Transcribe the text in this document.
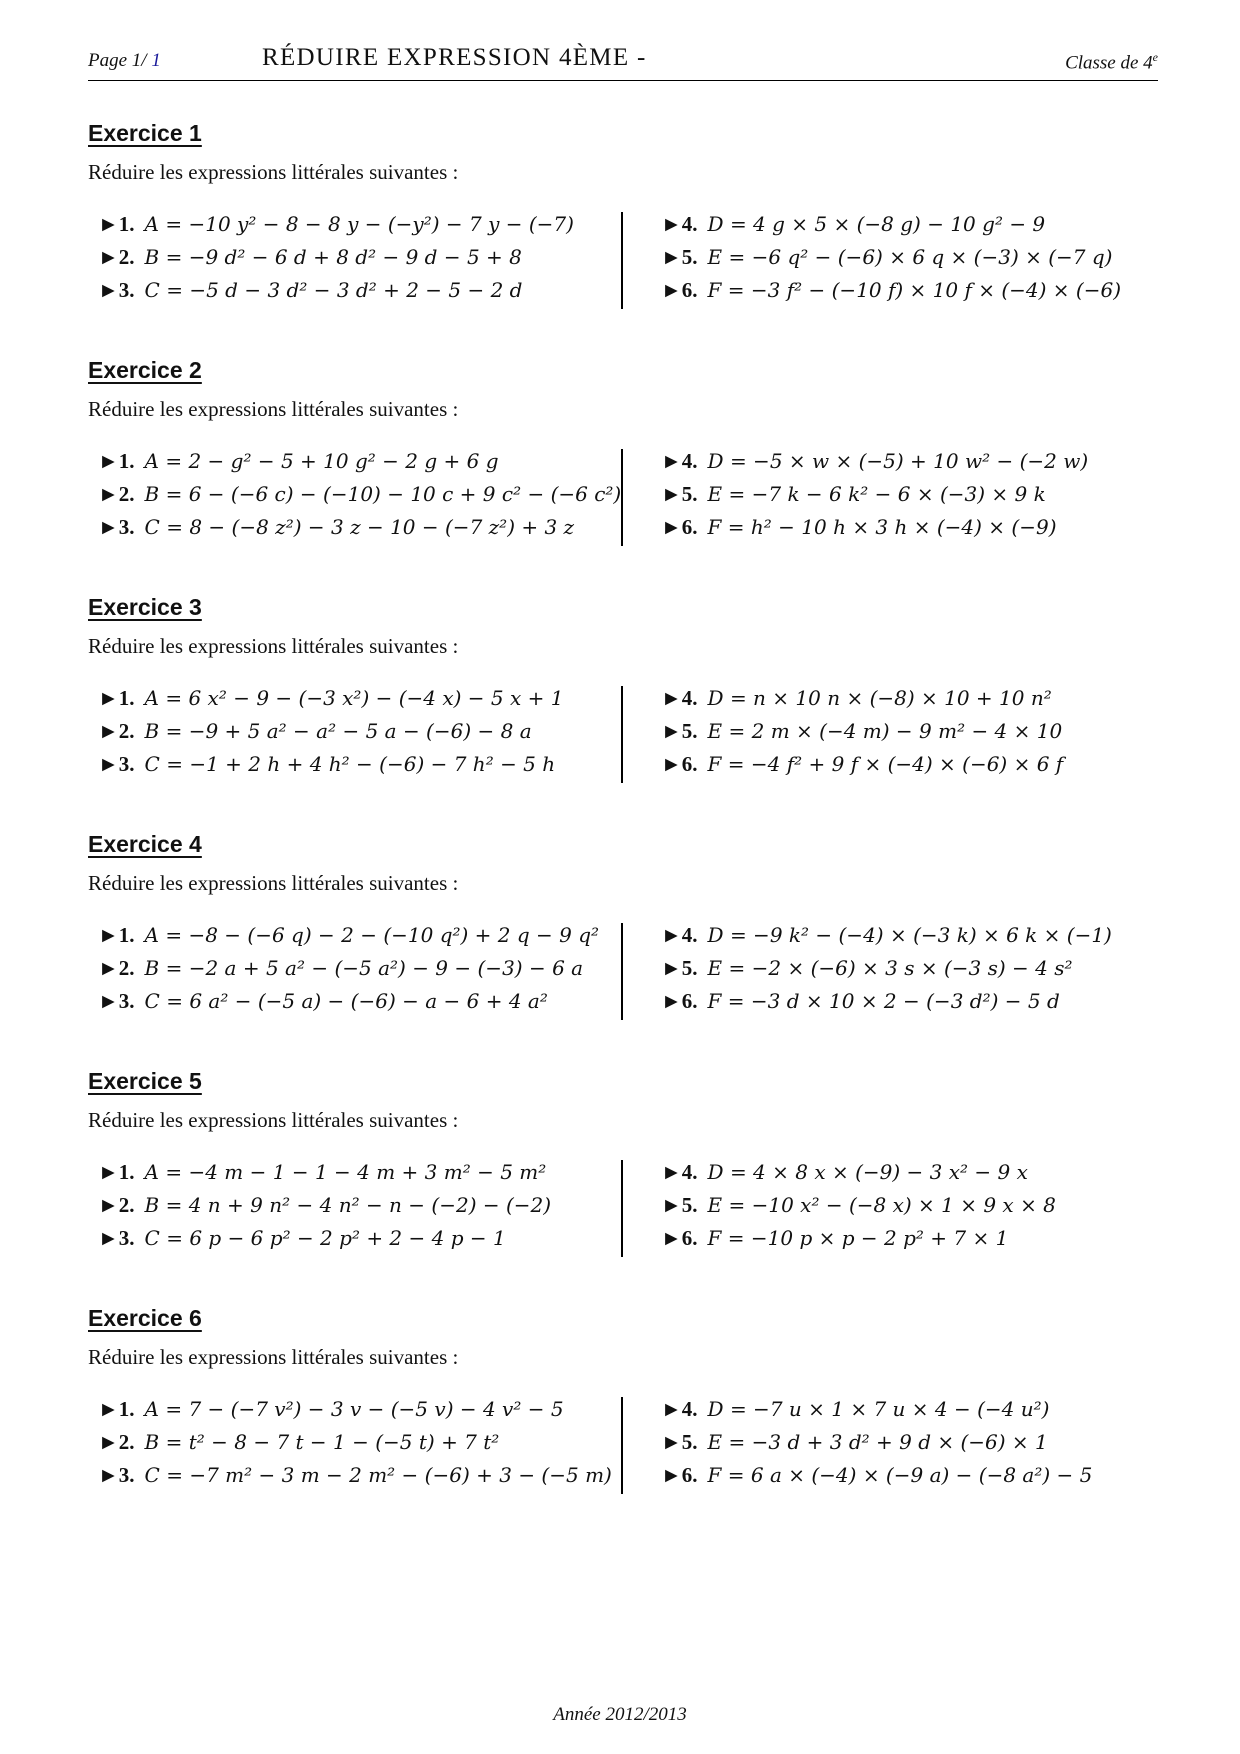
Page 1/ 1	RÉDUIRE EXPRESSION 4ÈME -	Classe de 4e
Exercice 1
Réduire les expressions littérales suivantes :
►1. A = −10 y² − 8 − 8 y − (−y²) − 7 y − (−7)
►2. B = −9 d² − 6 d + 8 d² − 9 d − 5 + 8
►3. C = −5 d − 3 d² − 3 d² + 2 − 5 − 2 d
►4. D = 4 g × 5 × (−8 g) − 10 g² − 9
►5. E = −6 q² − (−6) × 6 q × (−3) × (−7 q)
►6. F = −3 f² − (−10 f) × 10 f × (−4) × (−6)
Exercice 2
Réduire les expressions littérales suivantes :
►1. A = 2 − g² − 5 + 10 g² − 2 g + 6 g
►2. B = 6 − (−6 c) − (−10) − 10 c + 9 c² − (−6 c²)
►3. C = 8 − (−8 z²) − 3 z − 10 − (−7 z²) + 3 z
►4. D = −5 × w × (−5) + 10 w² − (−2 w)
►5. E = −7 k − 6 k² − 6 × (−3) × 9 k
►6. F = h² − 10 h × 3 h × (−4) × (−9)
Exercice 3
Réduire les expressions littérales suivantes :
►1. A = 6 x² − 9 − (−3 x²) − (−4 x) − 5 x + 1
►2. B = −9 + 5 a² − a² − 5 a − (−6) − 8 a
►3. C = −1 + 2 h + 4 h² − (−6) − 7 h² − 5 h
►4. D = n × 10 n × (−8) × 10 + 10 n²
►5. E = 2 m × (−4 m) − 9 m² − 4 × 10
►6. F = −4 f² + 9 f × (−4) × (−6) × 6 f
Exercice 4
Réduire les expressions littérales suivantes :
►1. A = −8 − (−6 q) − 2 − (−10 q²) + 2 q − 9 q²
►2. B = −2 a + 5 a² − (−5 a²) − 9 − (−3) − 6 a
►3. C = 6 a² − (−5 a) − (−6) − a − 6 + 4 a²
►4. D = −9 k² − (−4) × (−3 k) × 6 k × (−1)
►5. E = −2 × (−6) × 3 s × (−3 s) − 4 s²
►6. F = −3 d × 10 × 2 − (−3 d²) − 5 d
Exercice 5
Réduire les expressions littérales suivantes :
►1. A = −4 m − 1 − 1 − 4 m + 3 m² − 5 m²
►2. B = 4 n + 9 n² − 4 n² − n − (−2) − (−2)
►3. C = 6 p − 6 p² − 2 p² + 2 − 4 p − 1
►4. D = 4 × 8 x × (−9) − 3 x² − 9 x
►5. E = −10 x² − (−8 x) × 1 × 9 x × 8
►6. F = −10 p × p − 2 p² + 7 × 1
Exercice 6
Réduire les expressions littérales suivantes :
►1. A = 7 − (−7 v²) − 3 v − (−5 v) − 4 v² − 5
►2. B = t² − 8 − 7 t − 1 − (−5 t) + 7 t²
►3. C = −7 m² − 3 m − 2 m² − (−6) + 3 − (−5 m)
►4. D = −7 u × 1 × 7 u × 4 − (−4 u²)
►5. E = −3 d + 3 d² + 9 d × (−6) × 1
►6. F = 6 a × (−4) × (−9 a) − (−8 a²) − 5
Année 2012/2013
